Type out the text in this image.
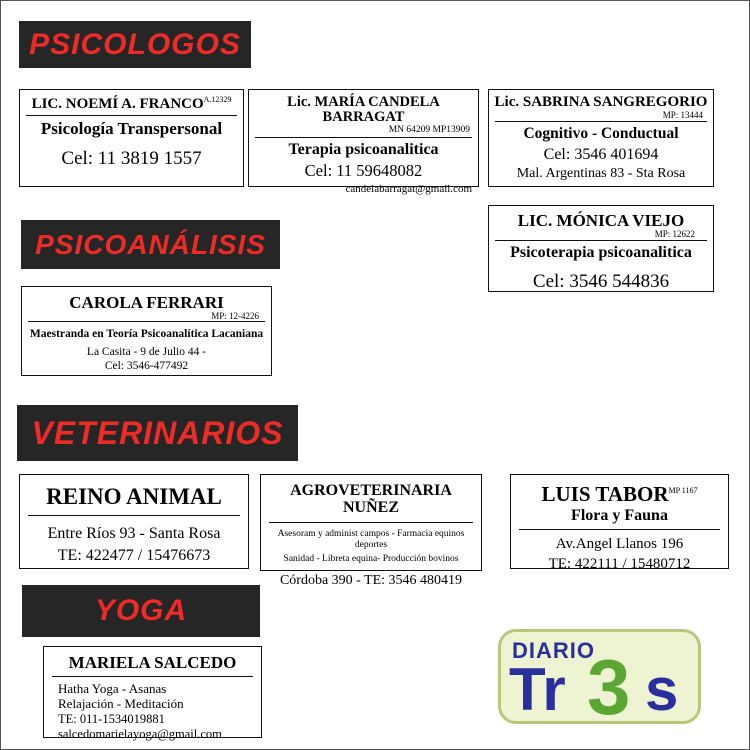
PSICOLOGOS
LIC. NOEMÍ A. $FRANCO^{A.12329}$
Psicología Transpersonal
Cel: 11 3819 1557
Lic. MARÍA CANDELA BARRAGAT
MN 64209 MP13909
Terapia psicoanalitica
Cel: 11 59648082
candelabarragat@gmail.com
Lic. SABRINA SANGREGORIO
MP: 13444
Cognitivo - Conductual
Cel: 3546 401694
Mal. Argentinas 83 - Sta Rosa
PSICOANÁLISIS
LIC. MÓNICA VIEJO
MP: 12622
Psicoterapia psicoanalitica
Cel: 3546 544836
CAROLA FERRARI
MP: 12-4226
Maestranda en Teoría Psicoanalítica Lacaniana
La Casita - 9 de Julio 44 -
Cel: 3546-477492
VETERINARIOS
REINO ANIMAL
Entre Ríos 93 - Santa Rosa
TE: 422477 / 15476673
AGROVETERINARIA NUÑEZ
Asesoram y administ campos - Farmacia equinos deportes
Sanidad - Libreta equina- Producción bovinos
Córdoba 390 - TE: 3546 480419
LUIS $TABOR^{MP 1167}$
Flora y Fauna
Av.Angel Llanos 196
TE: 422111 / 15480712
YOGA
MARIELA SALCEDO
Hatha Yoga - Asanas
Relajación - Meditación
TE: 011-1534019881
salcedomarielayoga@gmail.com
DIARIO
Tr 3 s
